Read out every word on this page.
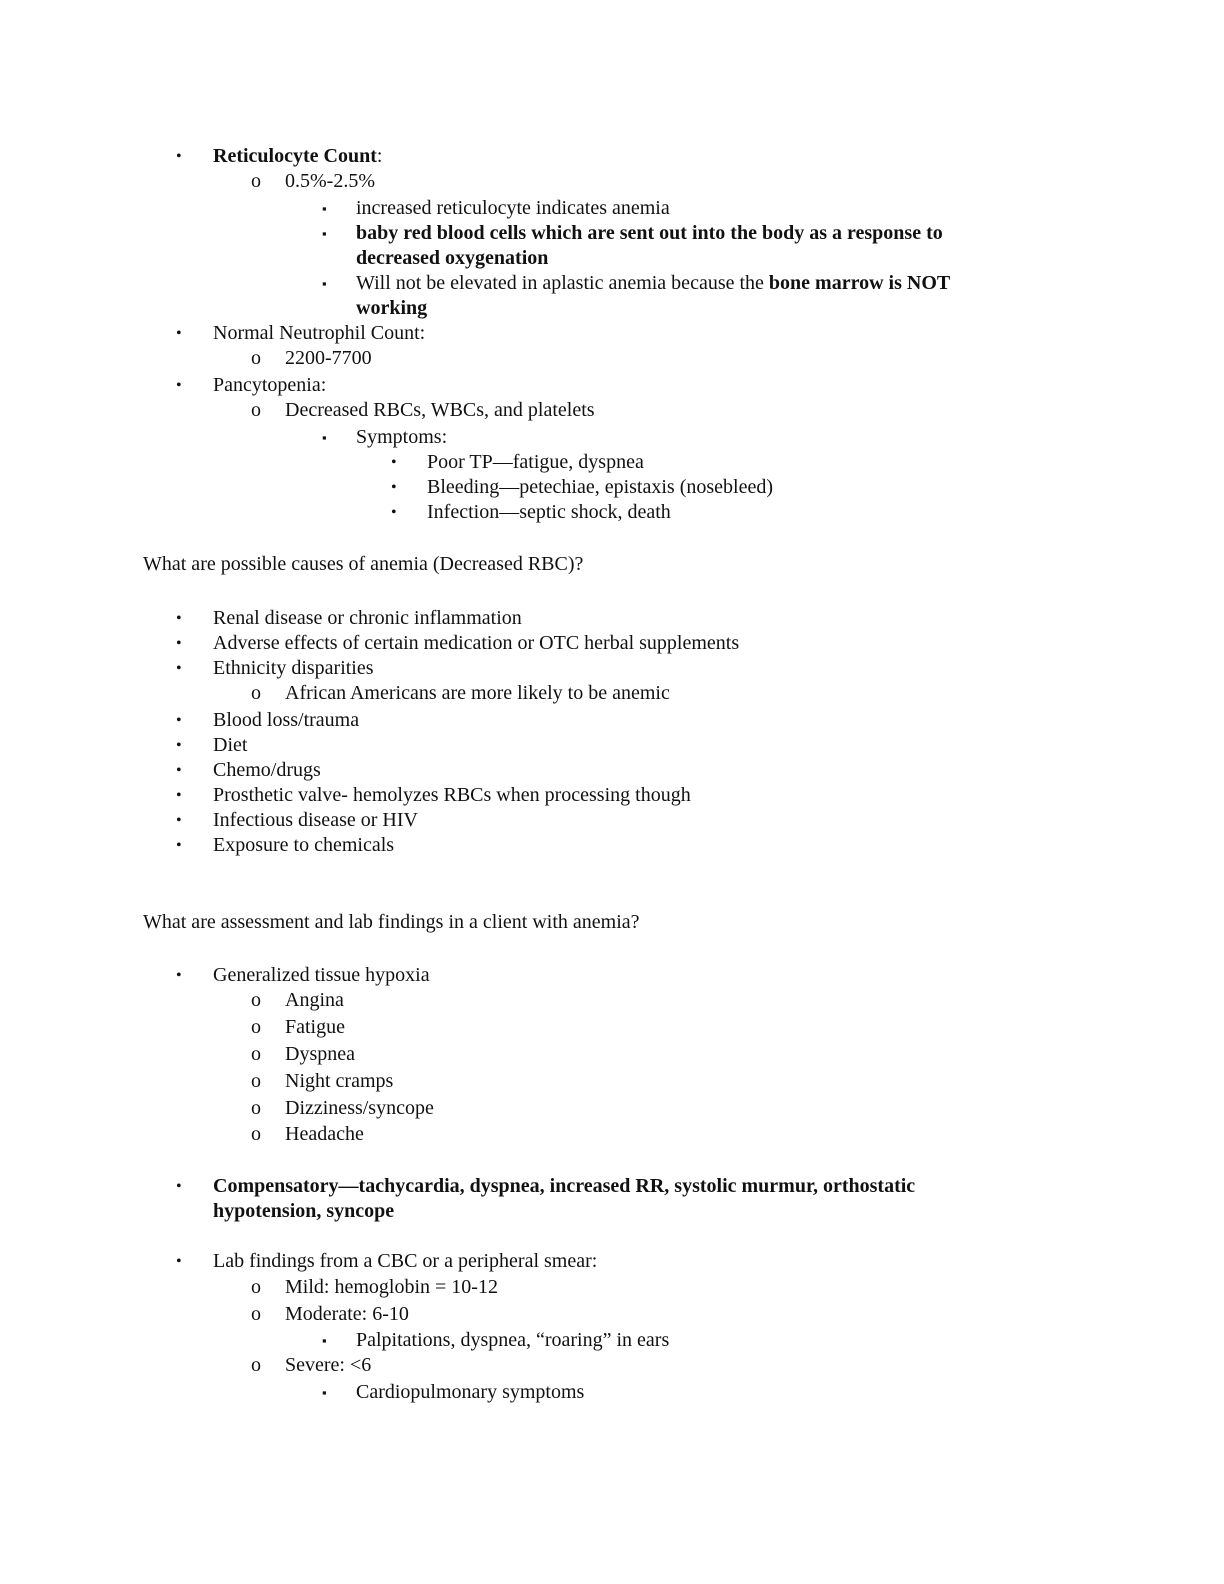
• Reticulocyte Count:
o 0.5%-2.5%
▪ increased reticulocyte indicates anemia
▪ baby red blood cells which are sent out into the body as a response to
decreased oxygenation
▪ Will not be elevated in aplastic anemia because the bone marrow is NOT
working
• Normal Neutrophil Count:
o 2200-7700
• Pancytopenia:
o Decreased RBCs, WBCs, and platelets
▪ Symptoms:
• Poor TP—fatigue, dyspnea
• Bleeding—petechiae, epistaxis (nosebleed)
• Infection—septic shock, death
What are possible causes of anemia (Decreased RBC)?
• Renal disease or chronic inflammation
• Adverse effects of certain medication or OTC herbal supplements
• Ethnicity disparities
o African Americans are more likely to be anemic
• Blood loss/trauma
• Diet
• Chemo/drugs
• Prosthetic valve- hemolyzes RBCs when processing though
• Infectious disease or HIV
• Exposure to chemicals
What are assessment and lab findings in a client with anemia?
• Generalized tissue hypoxia
o Angina
o Fatigue
o Dyspnea
o Night cramps
o Dizziness/syncope
o Headache
• Compensatory—tachycardia, dyspnea, increased RR, systolic murmur, orthostatic
hypotension, syncope
• Lab findings from a CBC or a peripheral smear:
o Mild: hemoglobin = 10-12
o Moderate: 6-10
▪ Palpitations, dyspnea, “roaring” in ears
o Severe: <6
▪ Cardiopulmonary symptoms
